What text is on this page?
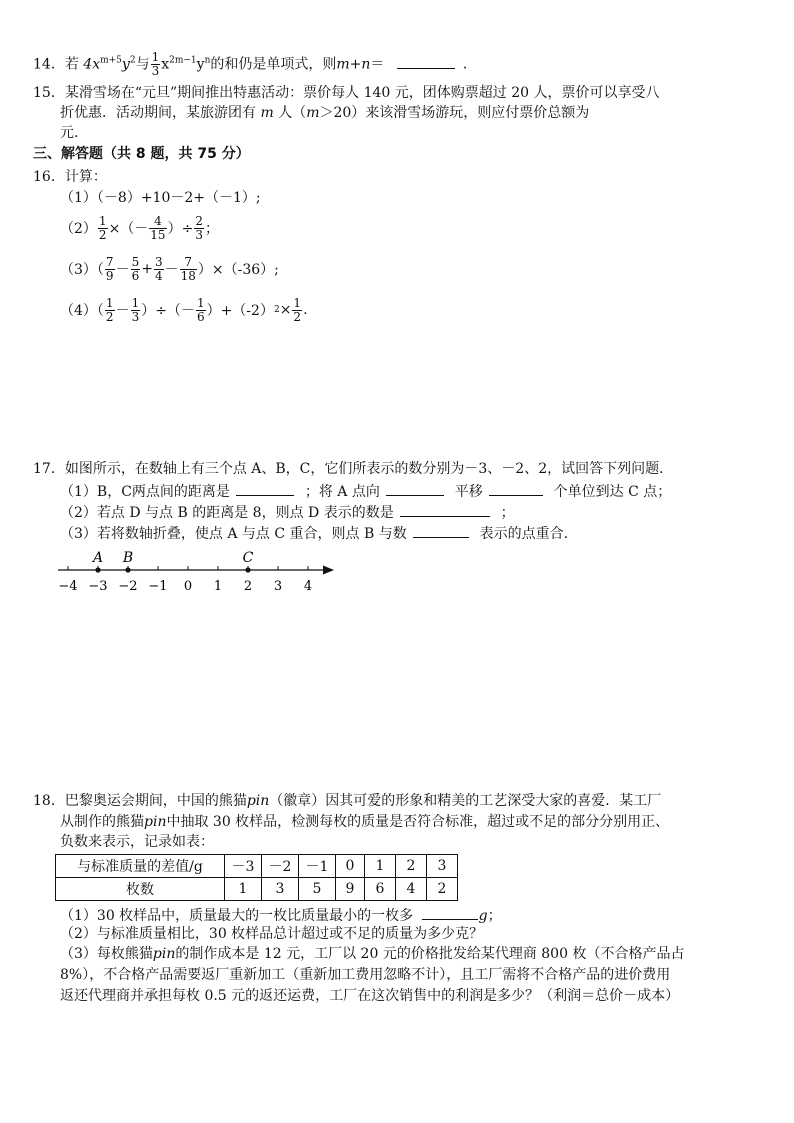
14．若 $4x^{m+5}y^2$与 $\frac{1}{3} x^{2m-1}y^n$的和仍是单项式，则m+n＝	．
15．某滑雪场在“元旦”期间推出特惠活动：票价每人 140 元，团体购票超过 20 人，票价可以享受八
折优惠．活动期间，某旅游团有 m 人（m＞20）来该滑雪场游玩，则应付票价总额为
元.
三、解答题（共 8 题，共 75 分）
16．计算：
（1）（－8）+10－2+（－1）;
$(2) \frac{1}{2}$ ×（－ $\frac{4}{15}$ ）÷ $\frac{2}{3}$ ；
$(3)( \frac{7}{9} - \frac{5}{6} + \frac{3}{4} - \frac{7}{18} )\times(-36)$;
$(4)( \frac{1}{2} - \frac{1}{3}$ ）÷（－ $\frac{1}{6} )+(-2)$ $2 \times \frac{1}{2}$ .
17．如图所示，在数轴上有三个点 A、B，C，它们所表示的数分别为－3、－2、2，试回答下列问题.
（1）B，C两点间的距离是	；将 A 点向	平移	个单位到达 C 点；
（2）若点 D 与点 B 的距离是 8，则点 D 表示的数是	；
（3）若将数轴折叠，使点 A 与点 C 重合，则点 B 与数	表示的点重合.
−4 −3 −2 −1 0 1 2 3 4
A B	C
18．巴黎奥运会期间，中国的熊猫pin（徽章）因其可爱的形象和精美的工艺深受大家的喜爱．某工厂
从制作的熊猫pin中抽取 30 枚样品，检测每枚的质量是否符合标准，超过或不足的部分分别用正、
负数来表示，记录如表：
与标准质量的差值/g	－3	－2	－1	0	1	2	3
枚数	1	3	5	9	6	4	2
（1）30 枚样品中，质量最大的一枚比质量最小的一枚多	g；
（2）与标准质量相比，30 枚样品总计超过或不足的质量为多少克？
（3）每枚熊猫pin的制作成本是 12 元，工厂以 20 元的价格批发给某代理商 800 枚（不合格产品占
8%），不合格产品需要返厂重新加工（重新加工费用忽略不计），且工厂需将不合格产品的进价费用
返还代理商并承担每枚 0.5 元的返还运费，工厂在这次销售中的利润是多少？（利润＝总价－成本）
